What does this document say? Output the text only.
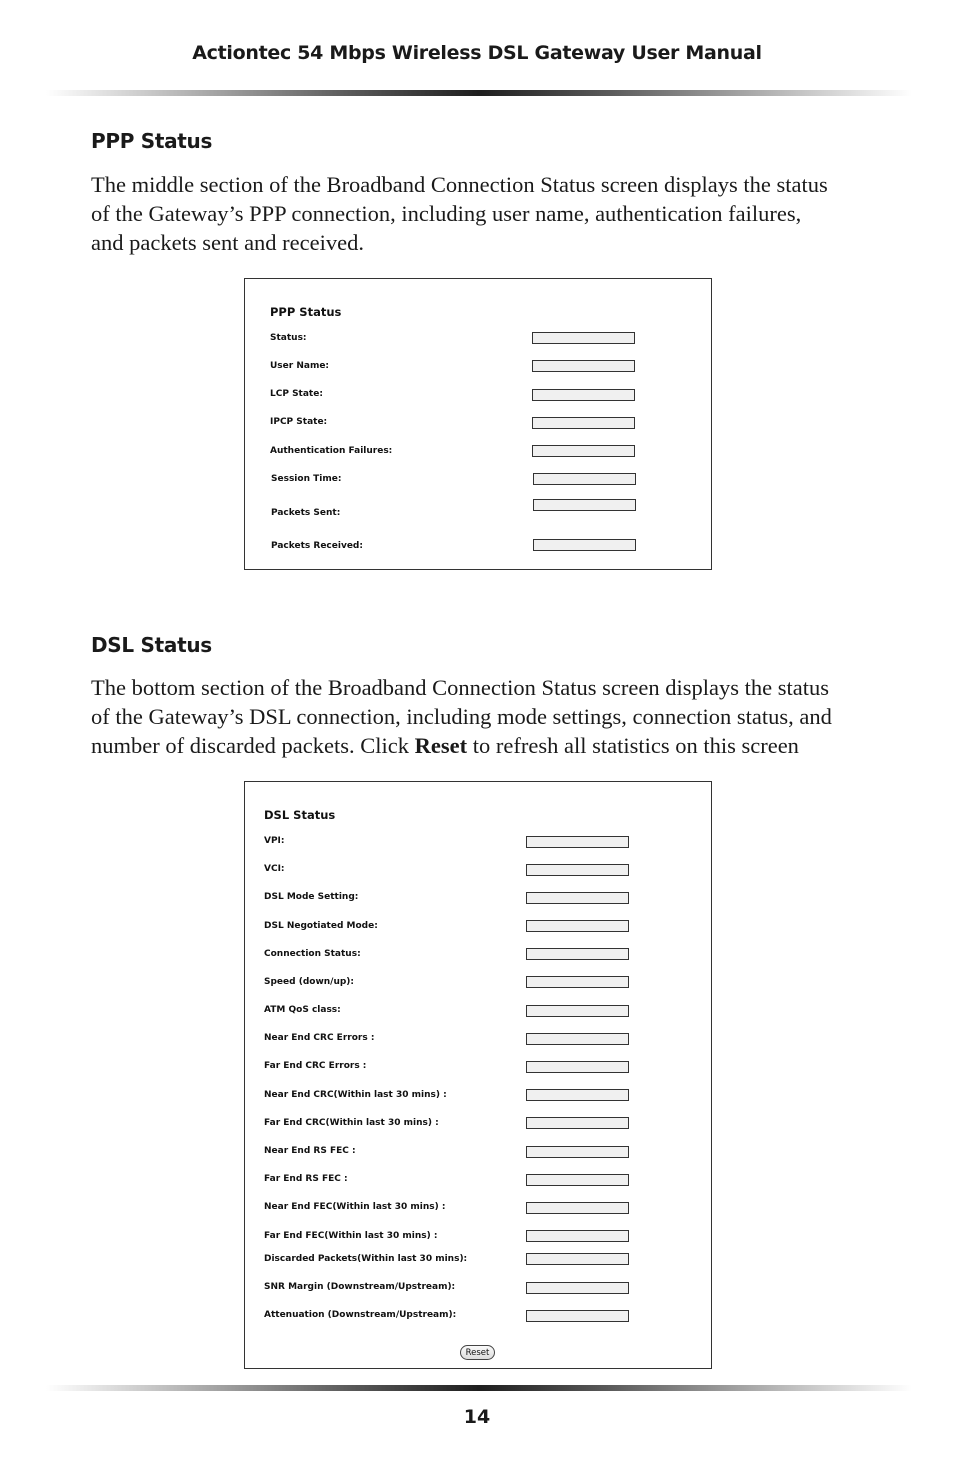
Actiontec 54 Mbps Wireless DSL Gateway User Manual
PPP Status

The middle section of the Broadband Connection Status screen displays the status
of the Gateway’s PPP connection, including user name, authentication failures,
and packets sent and received.

PPP Status
Status:
User Name:
LCP State:
IPCP State:
Authentication Failures:
Session Time:
Packets Sent:
Packets Received:
DSL Status

The bottom section of the Broadband Connection Status screen displays the status
of the Gateway’s DSL connection, including mode settings, connection status, and
number of discarded packets. Click Reset to refresh all statistics on this screen

DSL Status
VPI:
VCI:
DSL Mode Setting:
DSL Negotiated Mode:
Connection Status:
Speed (down/up):
ATM QoS class:
Near End CRC Errors :
Far End CRC Errors :
Near End CRC(Within last 30 mins) :
Far End CRC(Within last 30 mins) :
Near End RS FEC :
Far End RS FEC :
Near End FEC(Within last 30 mins) :
Far End FEC(Within last 30 mins) :
Discarded Packets(Within last 30 mins):
SNR Margin (Downstream/Upstream):
Attenuation (Downstream/Upstream):
Reset
14
